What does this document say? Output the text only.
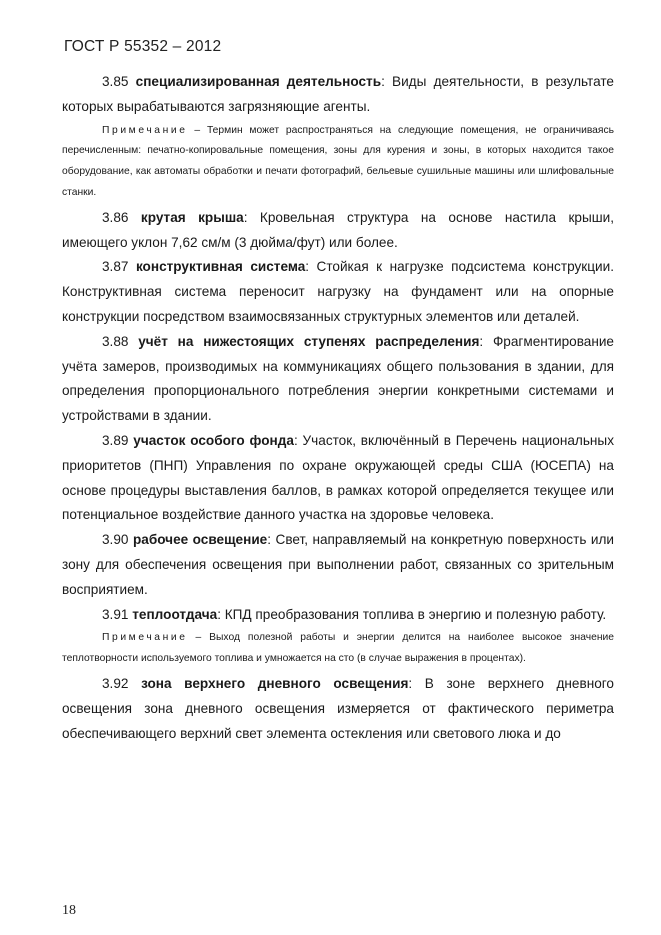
ГОСТ Р 55352 – 2012

3.85 специализированная деятельность: Виды деятельности, в результате которых вырабатываются загрязняющие агенты.

Примечание – Термин может распространяться на следующие помещения, не ограничиваясь перечисленным: печатно-копировальные помещения, зоны для курения и зоны, в которых находится такое оборудование, как автоматы обработки и печати фотографий, бельевые сушильные машины или шлифовальные станки.

3.86 крутая крыша: Кровельная структура на основе настила крыши, имеющего уклон 7,62 см/м (3 дюйма/фут) или более.

3.87 конструктивная система: Стойкая к нагрузке подсистема конструкции. Конструктивная система переносит нагрузку на фундамент или на опорные конструкции посредством взаимосвязанных структурных элементов или деталей.

3.88 учёт на нижестоящих ступенях распределения: Фрагментирование учёта замеров, производимых на коммуникациях общего пользования в здании, для определения пропорционального потребления энергии конкретными системами и устройствами в здании.

3.89 участок особого фонда: Участок, включённый в Перечень национальных приоритетов (ПНП) Управления по охране окружающей среды США (ЮСЕПА) на основе процедуры выставления баллов, в рамках которой определяется текущее или потенциальное воздействие данного участка на здоровье человека.

3.90 рабочее освещение: Свет, направляемый на конкретную поверхность или зону для обеспечения освещения при выполнении работ, связанных со зрительным восприятием.

3.91 теплоотдача: КПД преобразования топлива в энергию и полезную работу.

Примечание – Выход полезной работы и энергии делится на наиболее высокое значение теплотворности используемого топлива и умножается на сто (в случае выражения в процентах).

3.92 зона верхнего дневного освещения: В зоне верхнего дневного освещения зона дневного освещения измеряется от фактического периметра обеспечивающего верхний свет элемента остекления или светового люка и до

18
